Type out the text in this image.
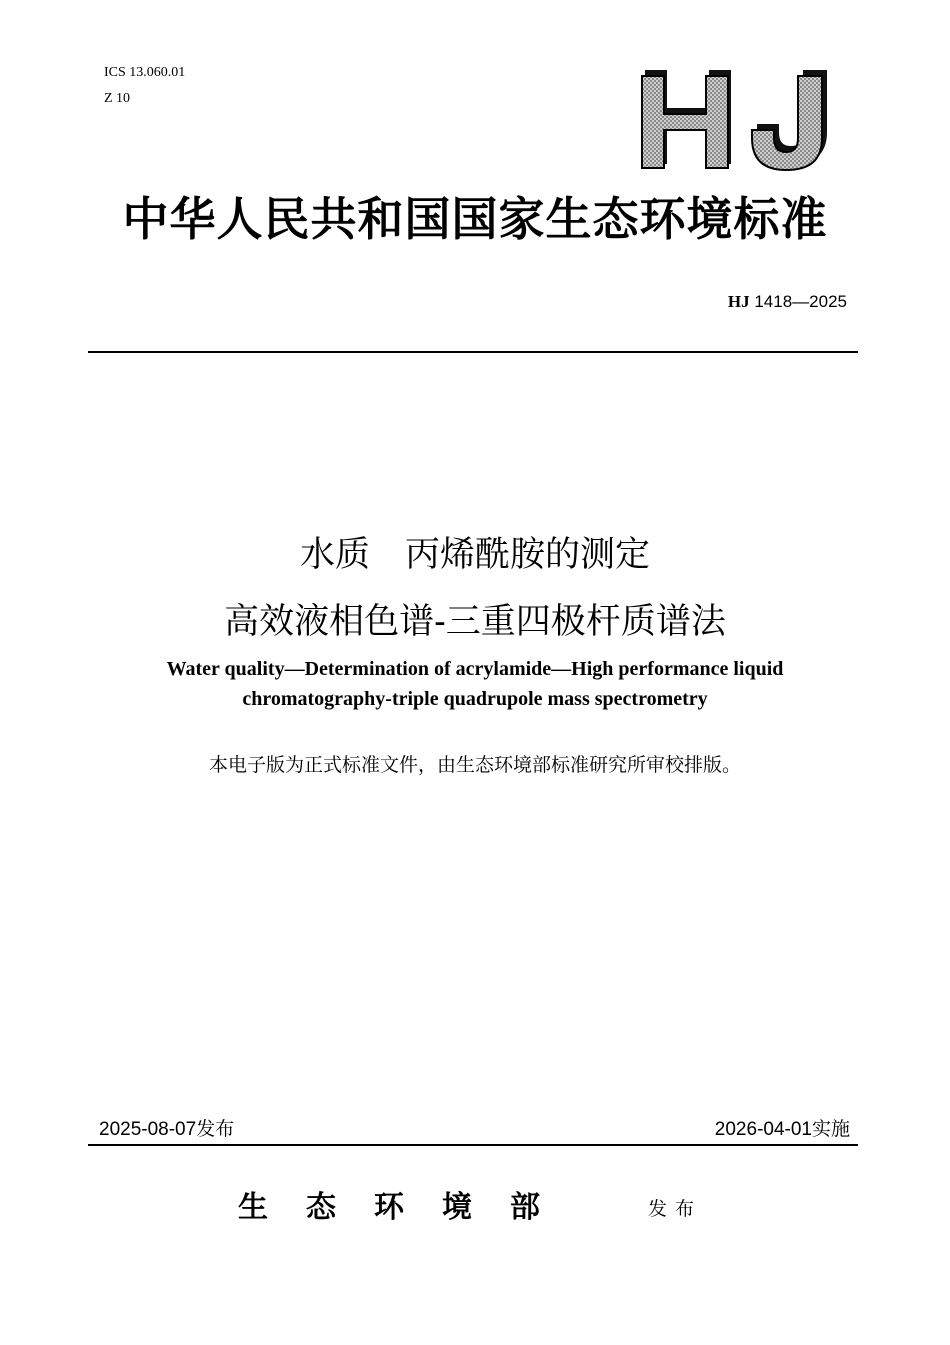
ICS 13.060.01
Z 10
中华人民共和国国家生态环境标准
HJ 1418—2025
水质　丙烯酰胺的测定
高效液相色谱-三重四极杆质谱法
Water quality—Determination of acrylamide—High performance liquid
chromatography-triple quadrupole mass spectrometry
本电子版为正式标准文件，由生态环境部标准研究所审校排版。
2025-08-07发布	2026-04-01实施
生态环境部	发布
